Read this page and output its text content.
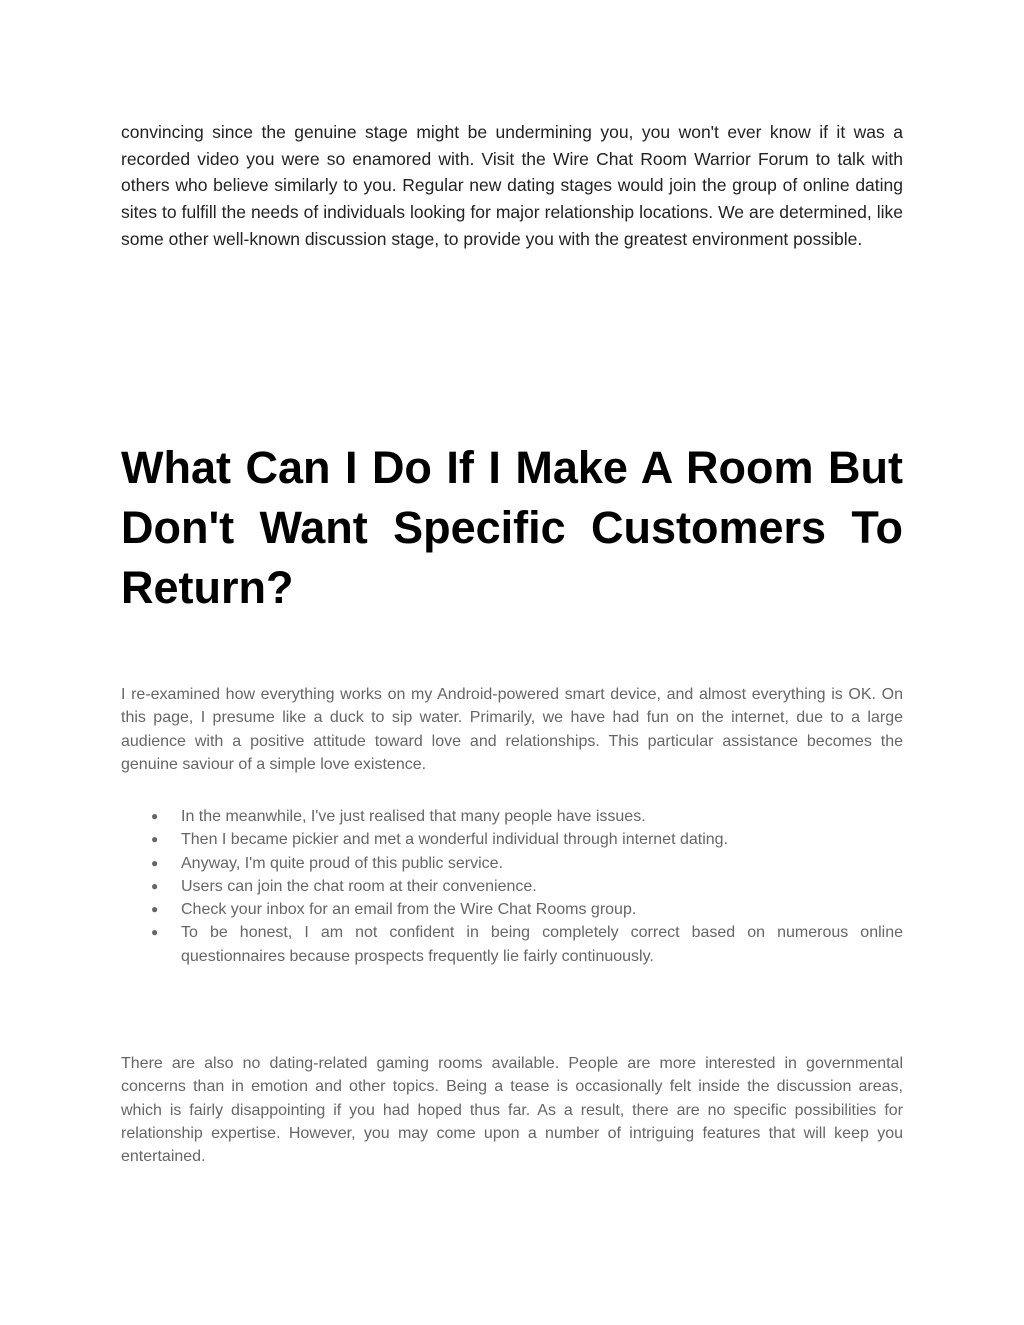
convincing since the genuine stage might be undermining you, you won't ever know if it was a recorded video you were so enamored with. Visit the Wire Chat Room Warrior Forum to talk with others who believe similarly to you. Regular new dating stages would join the group of online dating sites to fulfill the needs of individuals looking for major relationship locations. We are determined, like some other well-known discussion stage, to provide you with the greatest environment possible.

What Can I Do If I Make A Room But Don't Want Specific Customers To Return?

I re-examined how everything works on my Android-powered smart device, and almost everything is OK. On this page, I presume like a duck to sip water. Primarily, we have had fun on the internet, due to a large audience with a positive attitude toward love and relationships. This particular assistance becomes the genuine saviour of a simple love existence.

● In the meanwhile, I've just realised that many people have issues.
● Then I became pickier and met a wonderful individual through internet dating.
● Anyway, I'm quite proud of this public service.
● Users can join the chat room at their convenience.
● Check your inbox for an email from the Wire Chat Rooms group.
● To be honest, I am not confident in being completely correct based on numerous online questionnaires because prospects frequently lie fairly continuously.

There are also no dating-related gaming rooms available. People are more interested in governmental concerns than in emotion and other topics. Being a tease is occasionally felt inside the discussion areas, which is fairly disappointing if you had hoped thus far. As a result, there are no specific possibilities for relationship expertise. However, you may come upon a number of intriguing features that will keep you entertained.
